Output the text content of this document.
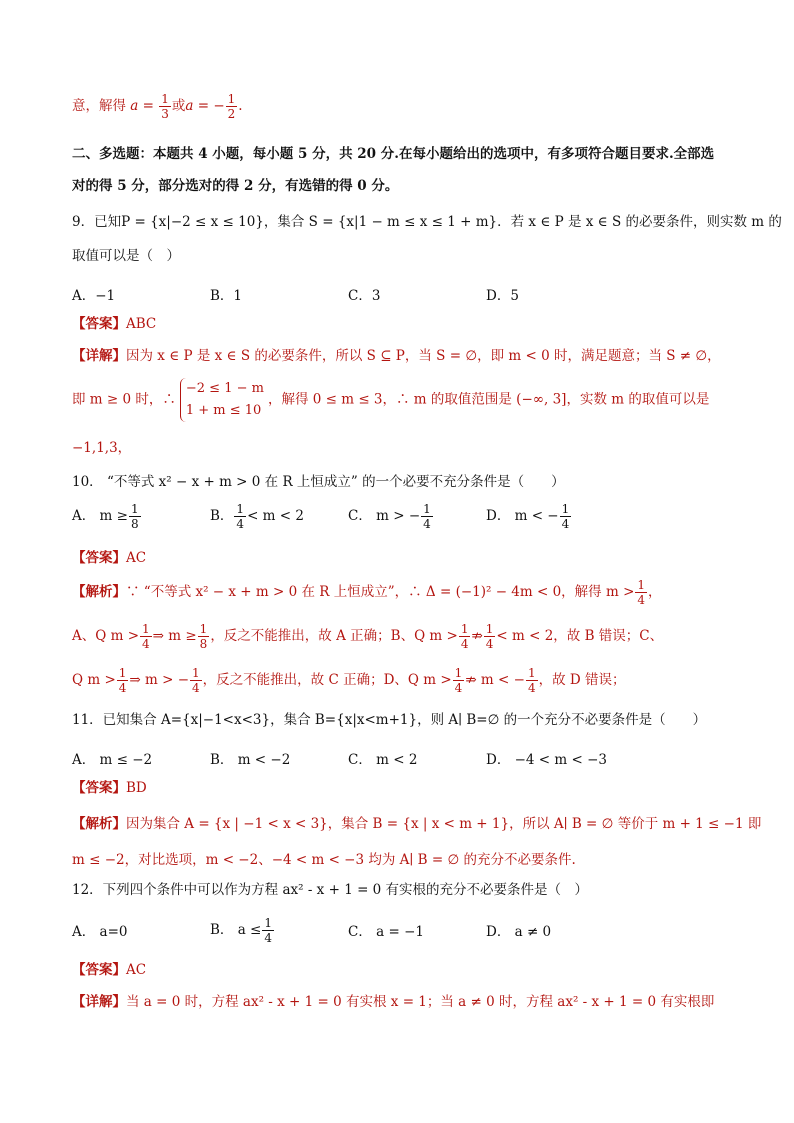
意，解得 $a = \frac{1}{3}$ 或a = − $\frac{1}{2}$ .
二、多选题：本题共 4 小题，每小题 5 分，共 20 分.在每小题给出的选项中，有多项符合题目要求.全部选
对的得 5 分，部分选对的得 2 分，有选错的得 0 分。
9．已知P = {x|−2 ≤ x ≤ 10}，集合 S = {x|1 − m ≤ x ≤ 1 + m}．若 x ∈ P 是 x ∈ S 的必要条件，则实数 m 的
取值可以是（　）
A．−1	B．1	C．3	D．5
【答案】ABC
【详解】因为 x ∈ P 是 x ∈ S 的必要条件，所以 S ⊆ P，当 S = ∅，即 m < 0 时，满足题意；当 S ≠ ∅，
即 m ≥ 0 时，∴
−2 ≤ 1 − m
1 + m ≤ 10
，解得 0 ≤ m ≤ 3，∴ m 的取值范围是 (−∞, 3]，实数 m 的取值可以是
−1,1,3，
10． “不等式 x² − x + m > 0 在 R 上恒成立” 的一个必要不充分条件是（　　）
A． $m \ge \frac{1}{8}$	B． $\frac{1}{4} < m < 2$	C． m > − $\frac{1}{4}$	D． m < − $\frac{1}{4}$
【答案】AC
【解析】∵ “不等式 x² − x + m > 0 在 R 上恒成立”，∴ Δ = (−1)² − 4m < 0，解得 $m > \frac{1}{4}$ ，
A、Q $m > \frac{1}{4}$ ⇒ $m \ge \frac{1}{8}$ ，反之不能推出，故 A 正确；B、Q $m > \frac{1}{4}$ ⇏ $\frac{1}{4} < m < 2$，故 B 错误；C、
Q $m > \frac{1}{4}$ ⇒ m > − $\frac{1}{4}$ ，反之不能推出，故 C 正确；D、Q $m > \frac{1}{4}$ ⇏ m < − $\frac{1}{4}$ ，故 D 错误；
11．已知集合 A={x|−1<x<3}，集合 B={x|x<m+1}，则 A∣ B=∅ 的一个充分不必要条件是（　　）
A． m ≤ −2	B． m < −2	C． m < 2	D． −4 < m < −3
【答案】BD
【解析】因为集合 A = {x | −1 < x < 3}，集合 B = {x | x < m + 1}，所以 A∣ B = ∅ 等价于 m + 1 ≤ −1 即
m ≤ −2，对比选项，m < −2、−4 < m < −3 均为 A∣ B = ∅ 的充分不必要条件.
12．下列四个条件中可以作为方程 ax² - x + 1 = 0 有实根的充分不必要条件是（　）
A． a=0	B． $a \le \frac{1}{4}$	C． a = −1	D． a ≠ 0
【答案】AC
【详解】当 a = 0 时，方程 ax² - x + 1 = 0 有实根 x = 1；当 a ≠ 0 时，方程 ax² - x + 1 = 0 有实根即
